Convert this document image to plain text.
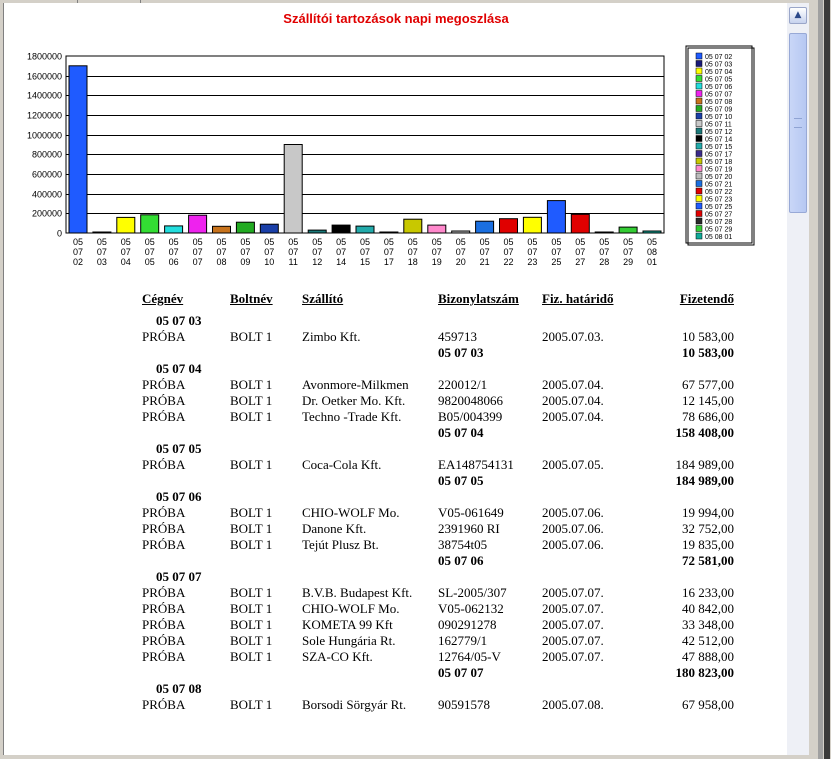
Szállítói tartozások napi megoszlása
0
200000
400000
600000
800000
1000000
1200000
1400000
1600000
1800000
05
07
02
05
07
03
05
07
04
05
07
05
05
07
06
05
07
07
05
07
08
05
07
09
05
07
10
05
07
11
05
07
12
05
07
14
05
07
15
05
07
17
05
07
18
05
07
19
05
07
20
05
07
21
05
07
22
05
07
23
05
07
25
05
07
27
05
07
28
05
07
29
05
08
01
05 07 02
05 07 03
05 07 04
05 07 05
05 07 06
05 07 07
05 07 08
05 07 09
05 07 10
05 07 11
05 07 12
05 07 14
05 07 15
05 07 17
05 07 18
05 07 19
05 07 20
05 07 21
05 07 22
05 07 23
05 07 25
05 07 27
05 07 28
05 07 29
05 08 01
Cégnév	Boltnév	Szállító	Bizonylatszám	Fiz. határidő	Fizetendő
05 07 03					
PRÓBA	BOLT 1	Zimbo Kft.	459713	2005.07.03.	10 583,00
			05 07 03		10 583,00
05 07 04					
PRÓBA	BOLT 1	Avonmore-Milkmen	220012/1	2005.07.04.	67 577,00
PRÓBA	BOLT 1	Dr. Oetker Mo. Kft.	9820048066	2005.07.04.	12 145,00
PRÓBA	BOLT 1	Techno -Trade Kft.	B05/004399	2005.07.04.	78 686,00
			05 07 04		158 408,00
05 07 05					
PRÓBA	BOLT 1	Coca-Cola Kft.	EA148754131	2005.07.05.	184 989,00
			05 07 05		184 989,00
05 07 06					
PRÓBA	BOLT 1	CHIO-WOLF Mo.	V05-061649	2005.07.06.	19 994,00
PRÓBA	BOLT 1	Danone Kft.	2391960 RI	2005.07.06.	32 752,00
PRÓBA	BOLT 1	Tejút Plusz Bt.	38754t05	2005.07.06.	19 835,00
			05 07 06		72 581,00
05 07 07					
PRÓBA	BOLT 1	B.V.B. Budapest Kft.	SL-2005/307	2005.07.07.	16 233,00
PRÓBA	BOLT 1	CHIO-WOLF Mo.	V05-062132	2005.07.07.	40 842,00
PRÓBA	BOLT 1	KOMETA 99 Kft	090291278	2005.07.07.	33 348,00
PRÓBA	BOLT 1	Sole Hungária Rt.	162779/1	2005.07.07.	42 512,00
PRÓBA	BOLT 1	SZA-CO Kft.	12764/05-V	2005.07.07.	47 888,00
			05 07 07		180 823,00
05 07 08					
PRÓBA	BOLT 1	Borsodi Sörgyár Rt.	90591578	2005.07.08.	67 958,00
▲
